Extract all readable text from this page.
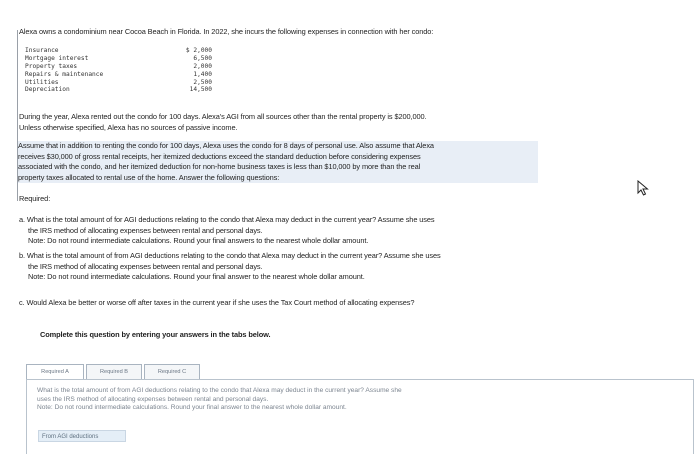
Alexa owns a condominium near Cocoa Beach in Florida. In 2022, she incurs the following expenses in connection with her condo:
Insurance
Mortgage interest
Property taxes
Repairs & maintenance
Utilities
Depreciation
$ 2,000
6,500
2,000
1,400
2,500
14,500
During the year, Alexa rented out the condo for 100 days. Alexa's AGI from all sources other than the rental property is $200,000.
Unless otherwise specified, Alexa has no sources of passive income.
Assume that in addition to renting the condo for 100 days, Alexa uses the condo for 8 days of personal use. Also assume that Alexa
receives $30,000 of gross rental receipts, her itemized deductions exceed the standard deduction before considering expenses
associated with the condo, and her itemized deduction for non-home business taxes is less than $10,000 by more than the real
property taxes allocated to rental use of the home. Answer the following questions:
Required:
a. What is the total amount of for AGI deductions relating to the condo that Alexa may deduct in the current year? Assume she uses
the IRS method of allocating expenses between rental and personal days.
Note: Do not round intermediate calculations. Round your final answers to the nearest whole dollar amount.
b. What is the total amount of from AGI deductions relating to the condo that Alexa may deduct in the current year? Assume she uses
the IRS method of allocating expenses between rental and personal days.
Note: Do not round intermediate calculations. Round your final answer to the nearest whole dollar amount.
c. Would Alexa be better or worse off after taxes in the current year if she uses the Tax Court method of allocating expenses?
Complete this question by entering your answers in the tabs below.
Required A	Required B	Required C
What is the total amount of from AGI deductions relating to the condo that Alexa may deduct in the current year? Assume she
uses the IRS method of allocating expenses between rental and personal days.
Note: Do not round intermediate calculations. Round your final answer to the nearest whole dollar amount.
From AGI deductions
